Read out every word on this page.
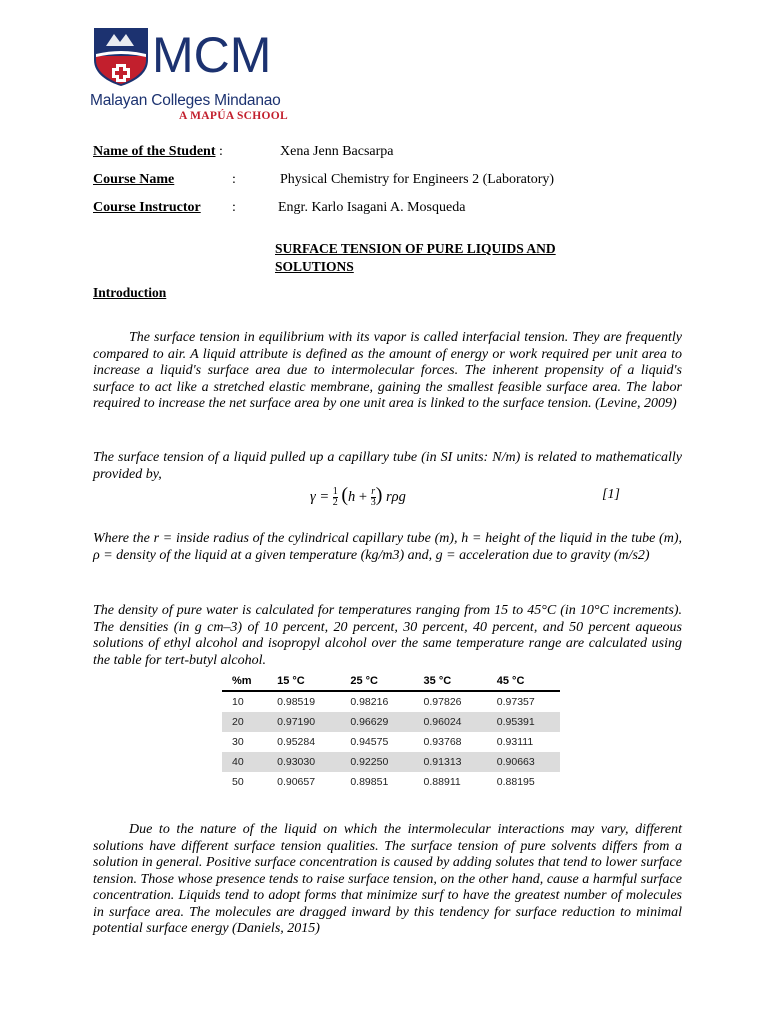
MCM
Malayan Colleges Mindanao
A MAPÚA SCHOOL
Name of the Student :	Xena Jenn Bacsarpa
Course Name	:	Physical Chemistry for Engineers 2 (Laboratory)
Course Instructor :	Engr. Karlo Isagani A. Mosqueda
SURFACE TENSION OF PURE LIQUIDS AND SOLUTIONS
Introduction
The surface tension in equilibrium with its vapor is called interfacial tension. They are frequently compared to air. A liquid attribute is defined as the amount of energy or work required per unit area to increase a liquid's surface area due to intermolecular forces. The inherent propensity of a liquid's surface to act like a stretched elastic membrane, gaining the smallest feasible surface area. The labor required to increase the net surface area by one unit area is linked to the surface tension. (Levine, 2009)
The surface tension of a liquid pulled up a capillary tube (in SI units: N/m) is related to mathematically provided by,
$\gamma = \frac{1}{2} (h + \frac{r}{3}$ ) rρg	[1]
Where the r = inside radius of the cylindrical capillary tube (m), h = height of the liquid in the tube (m), ρ = density of the liquid at a given temperature (kg/m3) and, g = acceleration due to gravity (m/s2)
The density of pure water is calculated for temperatures ranging from 15 to 45°C (in 10°C increments). The densities (in g cm–3) of 10 percent, 20 percent, 30 percent, 40 percent, and 50 percent aqueous solutions of ethyl alcohol and isopropyl alcohol over the same temperature range are calculated using the table for tert-butyl alcohol.
%m	15 °C	25 °C	35 °C	45 °C
10	0.98519	0.98216	0.97826	0.97357
20	0.97190	0.96629	0.96024	0.95391
30	0.95284	0.94575	0.93768	0.93111
40	0.93030	0.92250	0.91313	0.90663
50	0.90657	0.89851	0.88911	0.88195
Due to the nature of the liquid on which the intermolecular interactions may vary, different solutions have different surface tension qualities. The surface tension of pure solvents differs from a solution in general. Positive surface concentration is caused by adding solutes that tend to lower surface tension. Those whose presence tends to raise surface tension, on the other hand, cause a harmful surface concentration. Liquids tend to adopt forms that minimize surf to have the greatest number of molecules in surface area. The molecules are dragged inward by this tendency for surface reduction to minimal potential surface energy (Daniels, 2015)
